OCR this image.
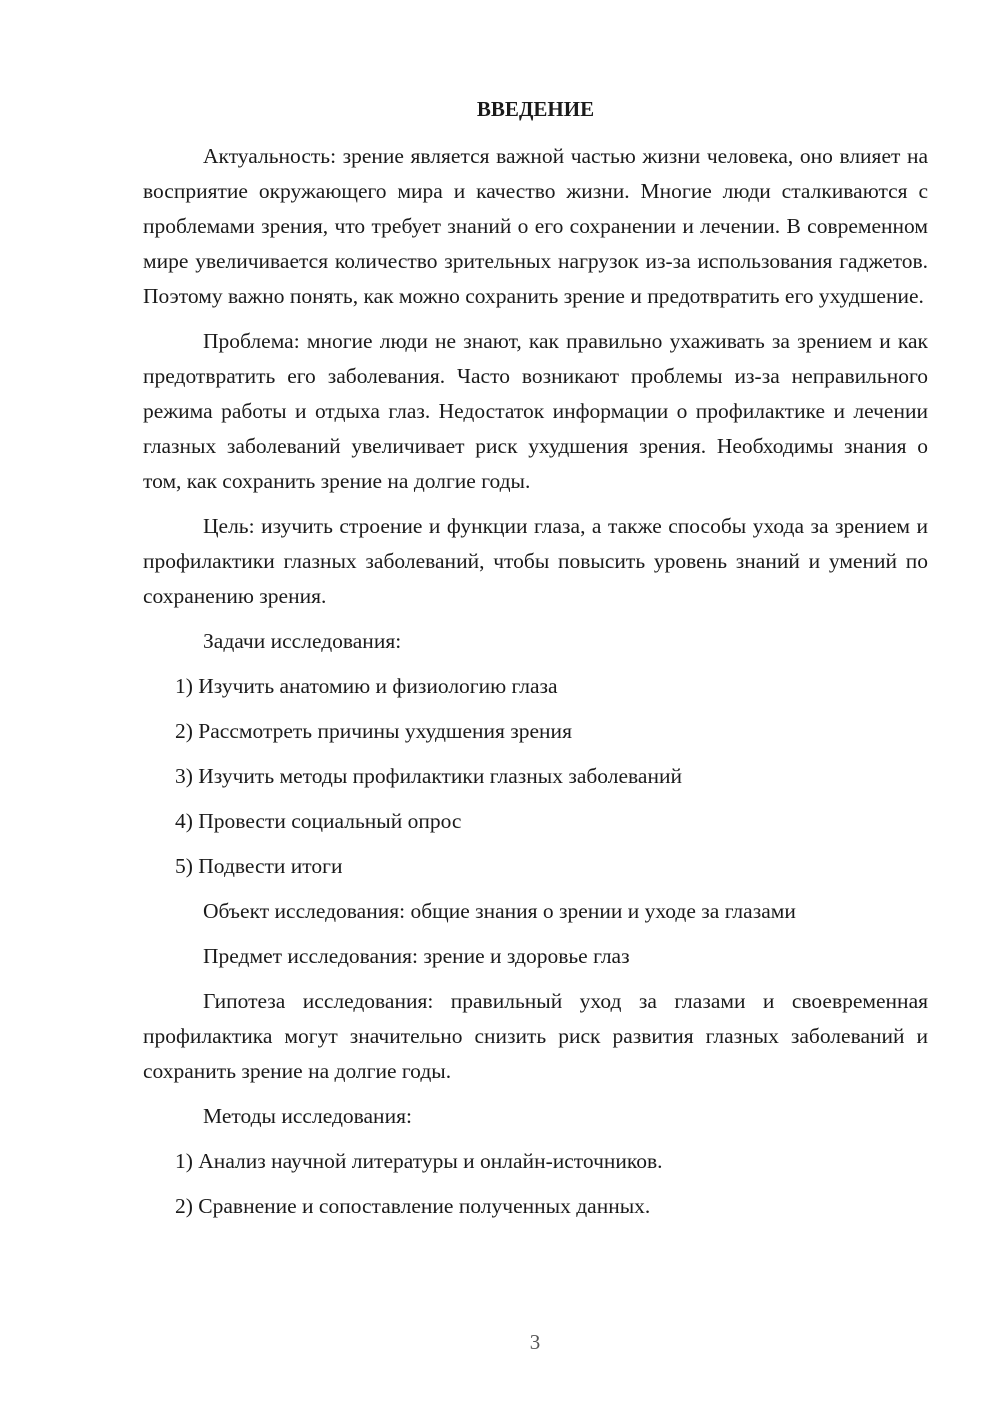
ВВЕДЕНИЕ

Актуальность: зрение является важной частью жизни человека, оно влияет на восприятие окружающего мира и качество жизни. Многие люди сталкиваются с проблемами зрения, что требует знаний о его сохранении и лечении. В современном мире увеличивается количество зрительных нагрузок из-за использования гаджетов. Поэтому важно понять, как можно сохранить зрение и предотвратить его ухудшение.

Проблема: многие люди не знают, как правильно ухаживать за зрением и как предотвратить его заболевания. Часто возникают проблемы из-за неправильного режима работы и отдыха глаз. Недостаток информации о профилактике и лечении глазных заболеваний увеличивает риск ухудшения зрения. Необходимы знания о том, как сохранить зрение на долгие годы.

Цель: изучить строение и функции глаза, а также способы ухода за зрением и профилактики глазных заболеваний, чтобы повысить уровень знаний и умений по сохранению зрения.

Задачи исследования:
1) Изучить анатомию и физиологию глаза
2) Рассмотреть причины ухудшения зрения
3) Изучить методы профилактики глазных заболеваний
4) Провести социальный опрос
5) Подвести итоги
Объект исследования: общие знания о зрении и уходе за глазами
Предмет исследования: зрение и здоровье глаз

Гипотеза исследования: правильный уход за глазами и своевременная профилактика могут значительно снизить риск развития глазных заболеваний и сохранить зрение на долгие годы.

Методы исследования:
1) Анализ научной литературы и онлайн-источников.
2) Сравнение и сопоставление полученных данных.
3
